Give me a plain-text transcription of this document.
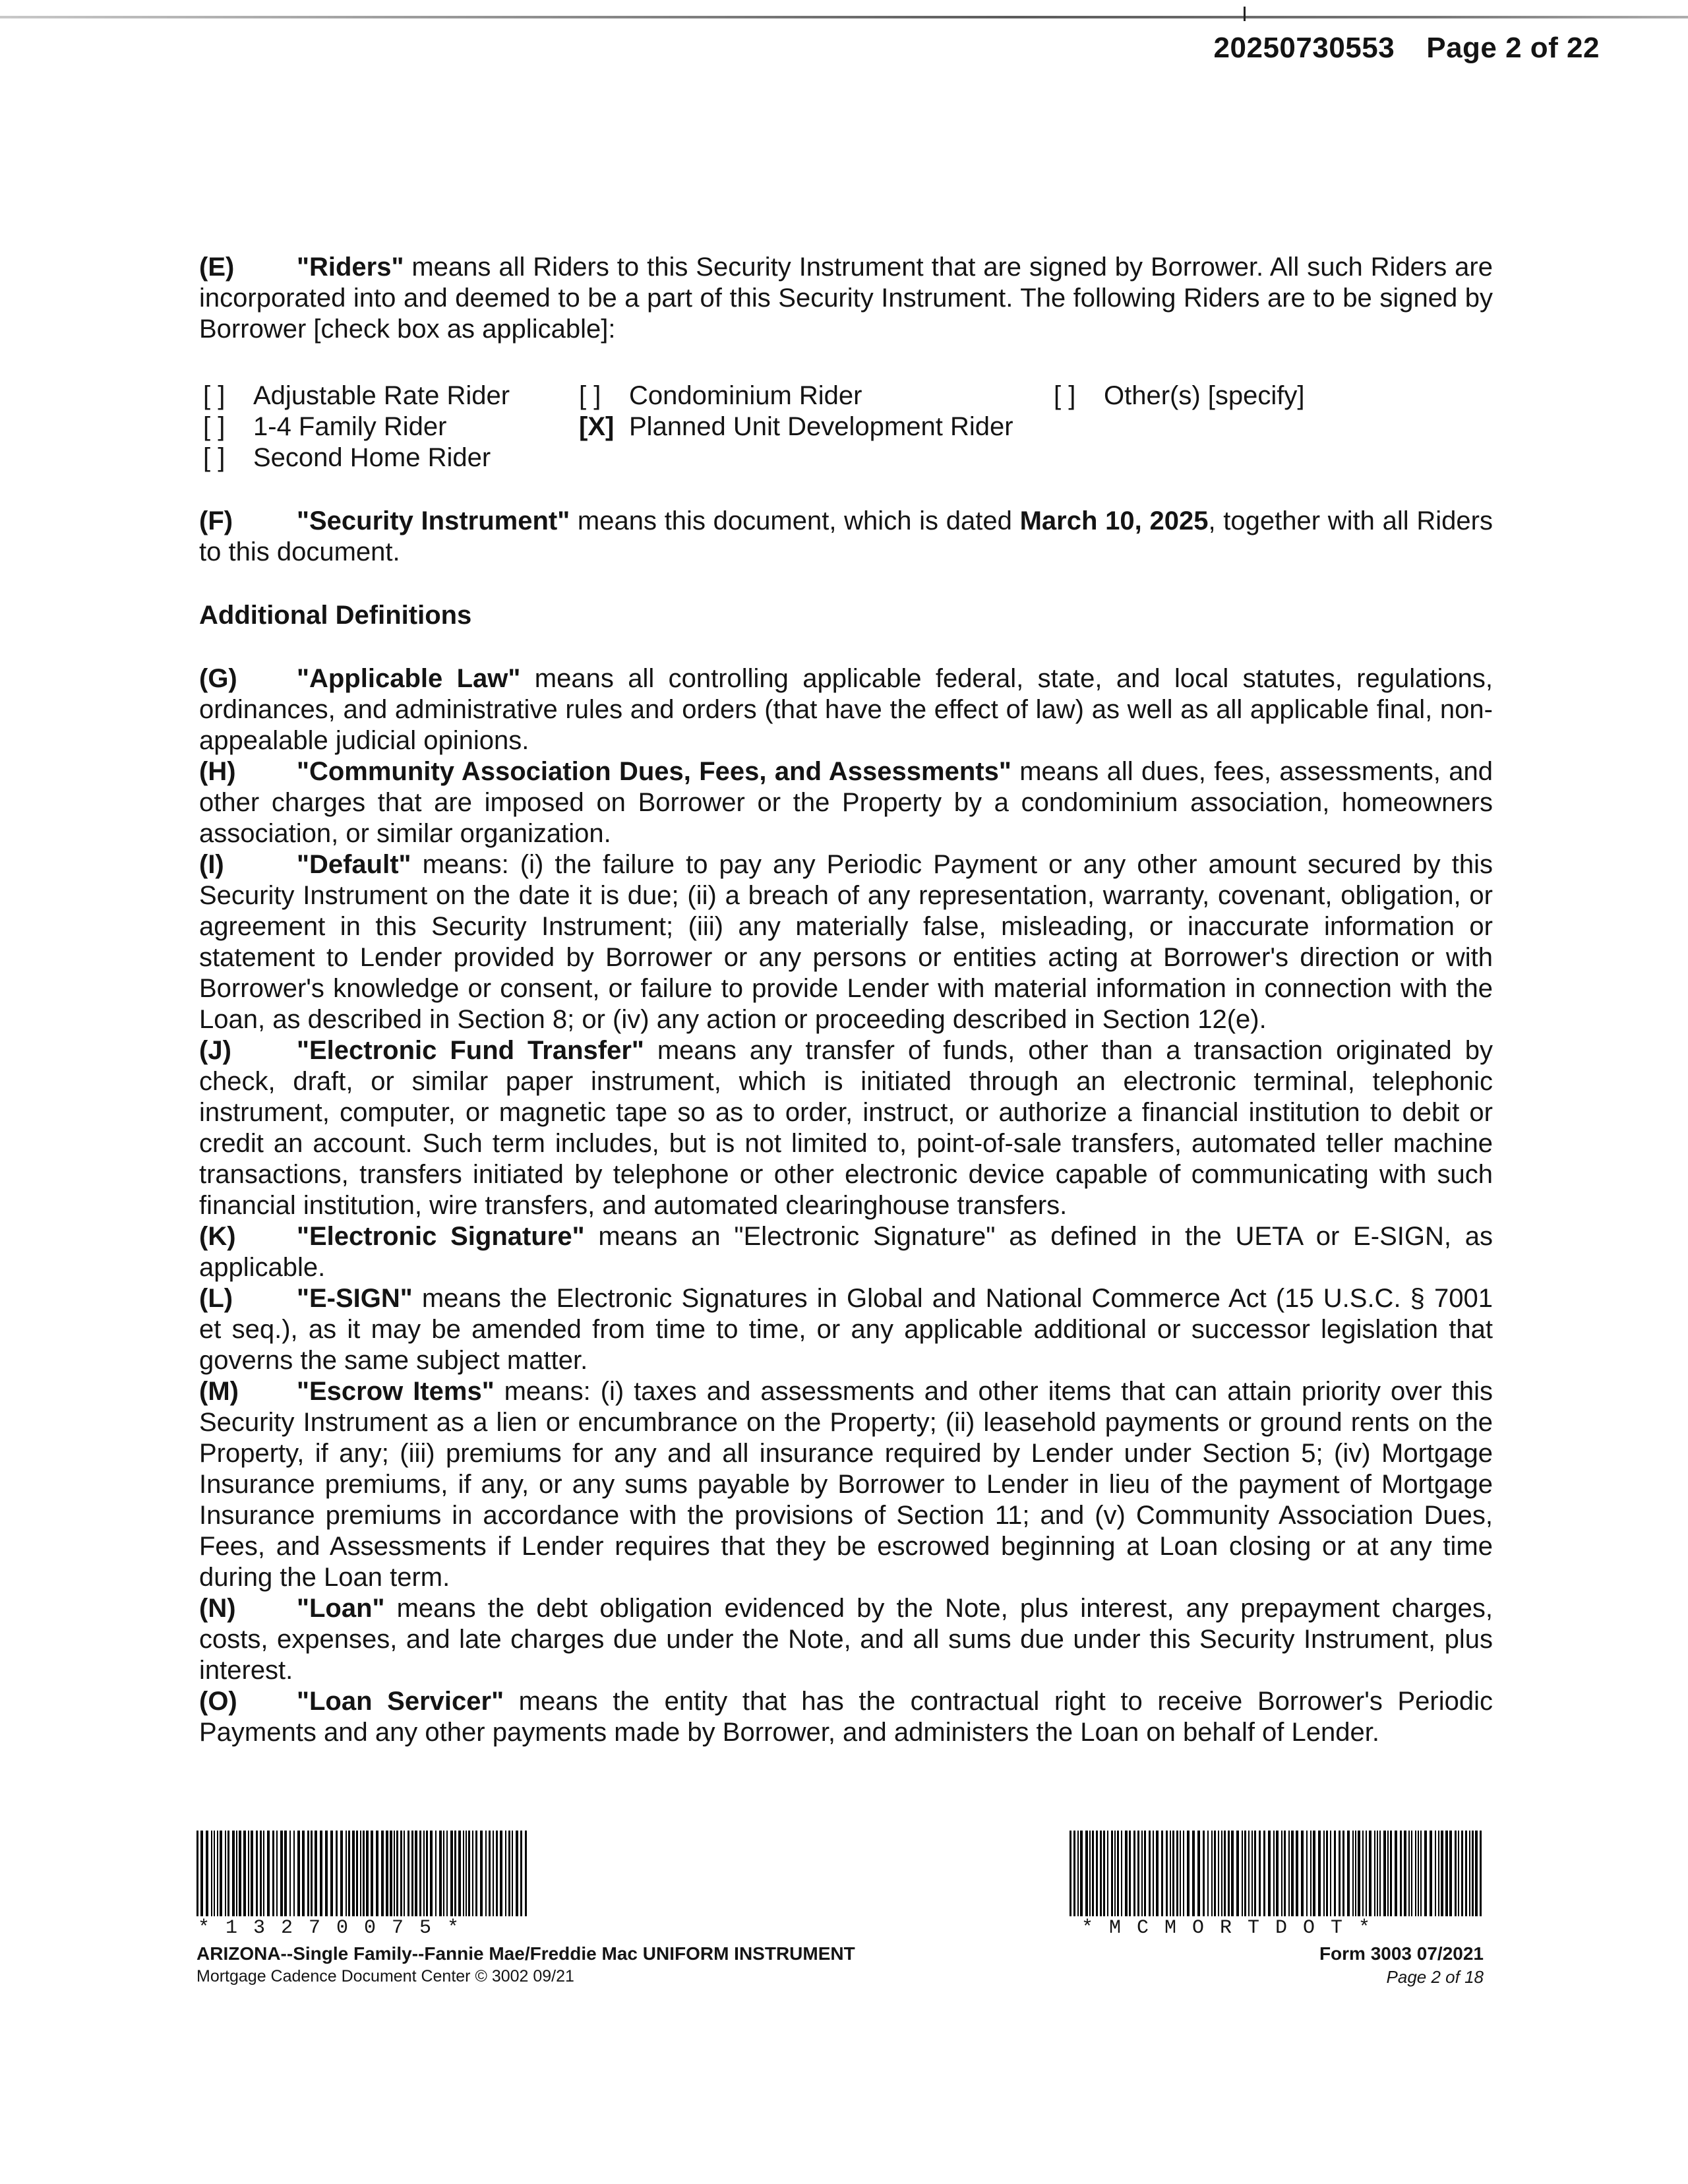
20250730553 Page 2 of 22

(E) "Riders" means all Riders to this Security Instrument that are signed by Borrower. All such Riders are incorporated into and deemed to be a part of this Security Instrument. The following Riders are to be signed by Borrower [check box as applicable]:

[ ] Adjustable Rate Rider	[ ] Condominium Rider	[ ] Other(s) [specify]
[ ] 1-4 Family Rider	[X] Planned Unit Development Rider
[ ] Second Home Rider

(F) "Security Instrument" means this document, which is dated March 10, 2025, together with all Riders to this document.

Additional Definitions

(G) "Applicable Law" means all controlling applicable federal, state, and local statutes, regulations, ordinances, and administrative rules and orders (that have the effect of law) as well as all applicable final, non-appealable judicial opinions.

(H) "Community Association Dues, Fees, and Assessments" means all dues, fees, assessments, and other charges that are imposed on Borrower or the Property by a condominium association, homeowners association, or similar organization.

(I)	"Default" means: (i) the failure to pay any Periodic Payment or any other amount secured by this Security Instrument on the date it is due; (ii) a breach of any representation, warranty, covenant, obligation, or agreement in this Security Instrument; (iii) any materially false, misleading, or inaccurate information or statement to Lender provided by Borrower or any persons or entities acting at Borrower's direction or with Borrower's knowledge or consent, or failure to provide Lender with material information in connection with the Loan, as described in Section 8; or (iv) any action or proceeding described in Section 12(e).

(J) "Electronic Fund Transfer" means any transfer of funds, other than a transaction originated by check, draft, or similar paper instrument, which is initiated through an electronic terminal, telephonic instrument, computer, or magnetic tape so as to order, instruct, or authorize a financial institution to debit or credit an account. Such term includes, but is not limited to, point-of-sale transfers, automated teller machine transactions, transfers initiated by telephone or other electronic device capable of communicating with such financial institution, wire transfers, and automated clearinghouse transfers.

(K) "Electronic Signature" means an "Electronic Signature" as defined in the UETA or E-SIGN, as applicable.

(L) "E-SIGN" means the Electronic Signatures in Global and National Commerce Act (15 U.S.C. § 7001 et seq.), as it may be amended from time to time, or any applicable additional or successor legislation that governs the same subject matter.

(M) "Escrow Items" means: (i) taxes and assessments and other items that can attain priority over this Security Instrument as a lien or encumbrance on the Property; (ii) leasehold payments or ground rents on the Property, if any; (iii) premiums for any and all insurance required by Lender under Section 5; (iv) Mortgage Insurance premiums, if any, or any sums payable by Borrower to Lender in lieu of the payment of Mortgage Insurance premiums in accordance with the provisions of Section 11; and (v) Community Association Dues, Fees, and Assessments if Lender requires that they be escrowed beginning at Loan closing or at any time during the Loan term.

(N) "Loan" means the debt obligation evidenced by the Note, plus interest, any prepayment charges, costs, expenses, and late charges due under the Note, and all sums due under this Security Instrument, plus interest.

(O) "Loan Servicer" means the entity that has the contractual right to receive Borrower's Periodic Payments and any other payments made by Borrower, and administers the Loan on behalf of Lender.

*13270075*	*MCMORTDOT*
ARIZONA--Single Family--Fannie Mae/Freddie Mac UNIFORM INSTRUMENT
Mortgage Cadence Document Center © 3002 09/21
Form 3003 07/2021
Page 2 of 18
